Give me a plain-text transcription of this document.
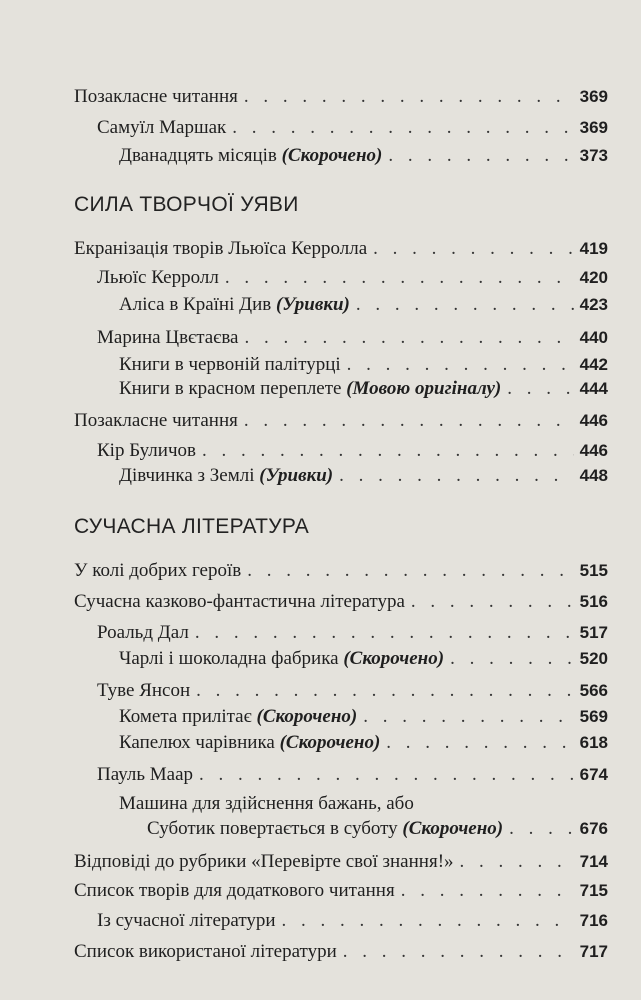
Позакласне читання . . .	369
Самуїл Маршак . . .	369
Дванадцять місяців (Скорочено) . . .	373
СИЛА ТВОРЧОЇ УЯВИ
Екранізація творів Льюїса Керролла . . .	419
Льюїс Керролл . . .	420
Аліса в Країні Див (Уривки) . . .	423
Марина Цвєтаєва . . .	440
Книги в червоній палітурці . . .	442
Книги в красном переплете (Мовою оригіналу) . . .	444
Позакласне читання . . .	446
Кір Буличов . . .	446
Дівчинка з Землі (Уривки) . . .	448
СУЧАСНА ЛІТЕРАТУРА
У колі добрих героїв . . .	515
Сучасна казково-фантастична література . . .	516
Роальд Дал . . .	517
Чарлі і шоколадна фабрика (Скорочено) . . .	520
Туве Янсон . . .	566
Комета прилітає (Скорочено) . . .	569
Капелюх чарівника (Скорочено) . . .	618
Пауль Маар . . .	674
Машина для здійснення бажань, або
Суботик повертається в суботу (Скорочено) . . .	676
Відповіді до рубрики «Перевірте свої знання!» . . .	714
Список творів для додаткового читання . . .	715
Із сучасної літератури . . .	716
Список використаної літератури . . .	717
